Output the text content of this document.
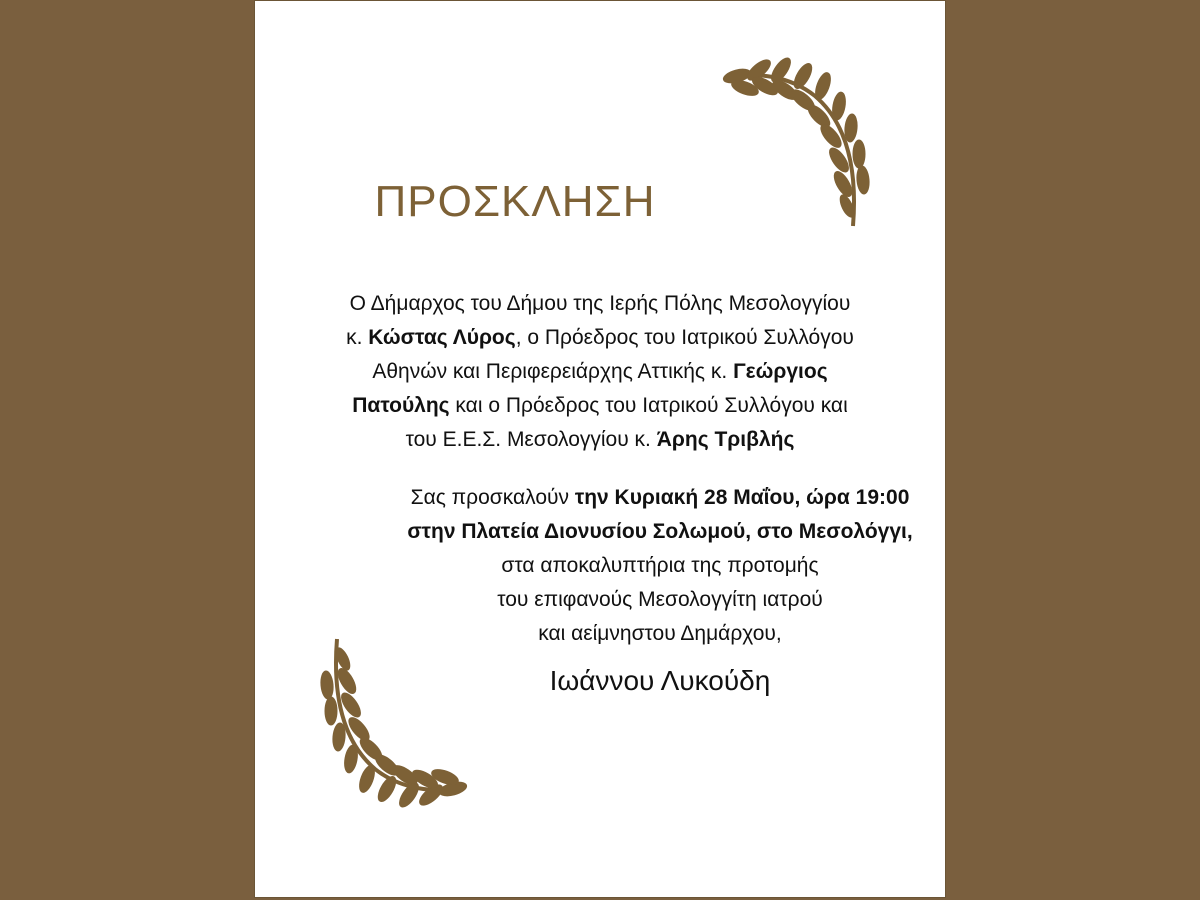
ΠΡΟΣΚΛΗΣΗ
Ο Δήμαρχος του Δήμου της Ιερής Πόλης Μεσολογγίου
κ. Κώστας Λύρος, ο Πρόεδρος του Ιατρικού Συλλόγου
Αθηνών και Περιφερειάρχης Αττικής κ. Γεώργιος
Πατούλης και ο Πρόεδρος του Ιατρικού Συλλόγου και
του Ε.Ε.Σ. Μεσολογγίου κ. Άρης Τριβλής
Σας προσκαλούν την Κυριακή 28 Μαΐου, ώρα 19:00
στην Πλατεία Διονυσίου Σολωμού, στο Μεσολόγγι,
στα αποκαλυπτήρια της προτομής
του επιφανούς Μεσολογγίτη ιατρού
και αείμνηστου Δημάρχου,
Ιωάννου Λυκούδη
